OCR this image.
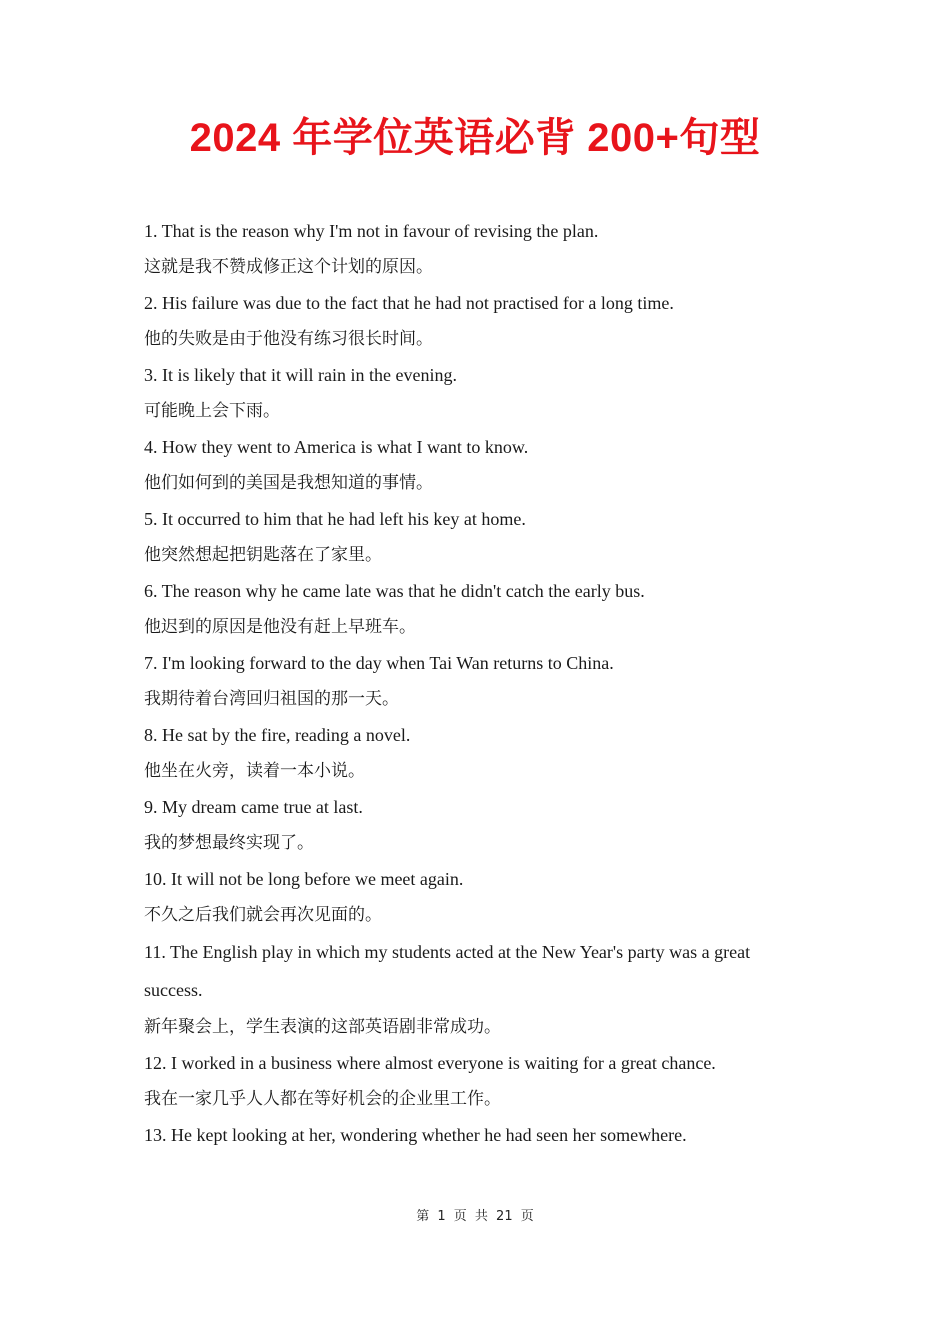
2024 年学位英语必背 200+句型

1. That is the reason why I'm not in favour of revising the plan.

这就是我不赞成修正这个计划的原因。

2. His failure was due to the fact that he had not practised for a long time.

他的失败是由于他没有练习很长时间。

3. It is likely that it will rain in the evening.

可能晚上会下雨。

4. How they went to America is what I want to know.

他们如何到的美国是我想知道的事情。

5. It occurred to him that he had left his key at home.

他突然想起把钥匙落在了家里。

6. The reason why he came late was that he didn't catch the early bus.

他迟到的原因是他没有赶上早班车。

7. I'm looking forward to the day when Tai Wan returns to China.

我期待着台湾回归祖国的那一天。

8. He sat by the fire, reading a novel.

他坐在火旁，读着一本小说。

9. My dream came true at last.

我的梦想最终实现了。

10. It will not be long before we meet again.

不久之后我们就会再次见面的。

11. The English play in which my students acted at the New Year's party was a great success.

新年聚会上，学生表演的这部英语剧非常成功。

12. I worked in a business where almost everyone is waiting for a great chance.

我在一家几乎人人都在等好机会的企业里工作。

13. He kept looking at her, wondering whether he had seen her somewhere.

第 1 页 共 21 页
